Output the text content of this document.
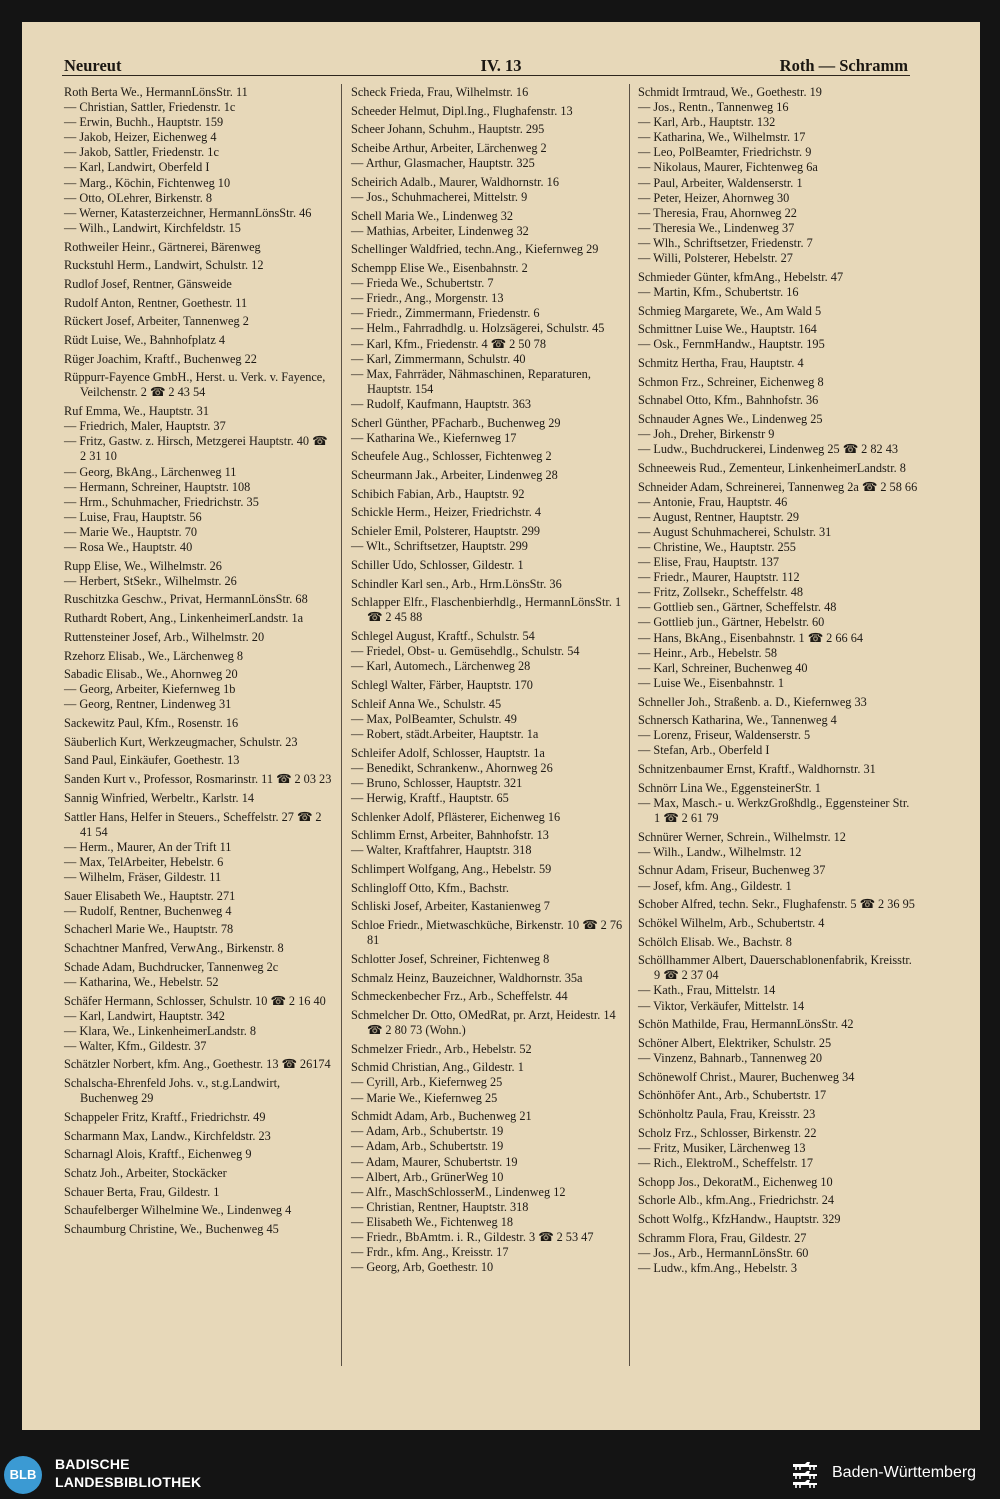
Neureut	IV. 13	Roth — Schramm

Roth Berta We., HermannLönsStr. 11

— Christian, Sattler, Friedenstr. 1c

— Erwin, Buchh., Hauptstr. 159

— Jakob, Heizer, Eichenweg 4

— Jakob, Sattler, Friedenstr. 1c

— Karl, Landwirt, Oberfeld I

— Marg., Köchin, Fichtenweg 10

— Otto, OLehrer, Birkenstr. 8

— Werner, Katasterzeichner, HermannLönsStr. 46

— Wilh., Landwirt, Kirchfeldstr. 15

Rothweiler Heinr., Gärtnerei, Bärenweg

Ruckstuhl Herm., Landwirt, Schulstr. 12

Rudlof Josef, Rentner, Gänsweide

Rudolf Anton, Rentner, Goethestr. 11

Rückert Josef, Arbeiter, Tannenweg 2

Rüdt Luise, We., Bahnhofplatz 4

Rüger Joachim, Kraftf., Buchenweg 22

Rüppurr-Fayence GmbH., Herst. u. Verk. v. Fayence, Veilchenstr. 2 ☎ 2 43 54

Ruf Emma, We., Hauptstr. 31

— Friedrich, Maler, Hauptstr. 37

— Fritz, Gastw. z. Hirsch, Metzgerei Hauptstr. 40 ☎ 2 31 10

— Georg, BkAng., Lärchenweg 11

— Hermann, Schreiner, Hauptstr. 108

— Hrm., Schuhmacher, Friedrichstr. 35

— Luise, Frau, Hauptstr. 56

— Marie We., Hauptstr. 70

— Rosa We., Hauptstr. 40

Rupp Elise, We., Wilhelmstr. 26

— Herbert, StSekr., Wilhelmstr. 26

Ruschitzka Geschw., Privat, HermannLönsStr. 68

Ruthardt Robert, Ang., LinkenheimerLandstr. 1a

Ruttensteiner Josef, Arb., Wilhelmstr. 20

Rzehorz Elisab., We., Lärchenweg 8

Sabadic Elisab., We., Ahornweg 20

— Georg, Arbeiter, Kiefernweg 1b

— Georg, Rentner, Lindenweg 31

Sackewitz Paul, Kfm., Rosenstr. 16

Säuberlich Kurt, Werkzeugmacher, Schulstr. 23

Sand Paul, Einkäufer, Goethestr. 13

Sanden Kurt v., Professor, Rosmarinstr. 11 ☎ 2 03 23

Sannig Winfried, Werbeltr., Karlstr. 14

Sattler Hans, Helfer in Steuers., Scheffelstr. 27 ☎ 2 41 54

— Herm., Maurer, An der Trift 11

— Max, TelArbeiter, Hebelstr. 6

— Wilhelm, Fräser, Gildestr. 11

Sauer Elisabeth We., Hauptstr. 271

— Rudolf, Rentner, Buchenweg 4

Schacherl Marie We., Hauptstr. 78

Schachtner Manfred, VerwAng., Birkenstr. 8

Schade Adam, Buchdrucker, Tannenweg 2c

— Katharina, We., Hebelstr. 52

Schäfer Hermann, Schlosser, Schulstr. 10 ☎ 2 16 40

— Karl, Landwirt, Hauptstr. 342

— Klara, We., LinkenheimerLandstr. 8

— Walter, Kfm., Gildestr. 37

Schätzler Norbert, kfm. Ang., Goethestr. 13 ☎ 26174

Schalscha-Ehrenfeld Johs. v., st.g.Landwirt, Buchenweg 29

Schappeler Fritz, Kraftf., Friedrichstr. 49

Scharmann Max, Landw., Kirchfeldstr. 23

Scharnagl Alois, Kraftf., Eichenweg 9

Schatz Joh., Arbeiter, Stockäcker

Schauer Berta, Frau, Gildestr. 1

Schaufelberger Wilhelmine We., Lindenweg 4

Schaumburg Christine, We., Buchenweg 45

Scheck Frieda, Frau, Wilhelmstr. 16

Scheeder Helmut, Dipl.Ing., Flughafenstr. 13

Scheer Johann, Schuhm., Hauptstr. 295

Scheibe Arthur, Arbeiter, Lärchenweg 2

— Arthur, Glasmacher, Hauptstr. 325

Scheirich Adalb., Maurer, Waldhornstr. 16

— Jos., Schuhmacherei, Mittelstr. 9

Schell Maria We., Lindenweg 32

— Mathias, Arbeiter, Lindenweg 32

Schellinger Waldfried, techn.Ang., Kiefernweg 29

Schempp Elise We., Eisenbahnstr. 2

— Frieda We., Schubertstr. 7

— Friedr., Ang., Morgenstr. 13

— Friedr., Zimmermann, Friedenstr. 6

— Helm., Fahrradhdlg. u. Holzsägerei, Schulstr. 45

— Karl, Kfm., Friedenstr. 4 ☎ 2 50 78

— Karl, Zimmermann, Schulstr. 40

— Max, Fahrräder, Nähmaschinen, Reparaturen, Hauptstr. 154

— Rudolf, Kaufmann, Hauptstr. 363

Scherl Günther, PFacharb., Buchenweg 29

— Katharina We., Kiefernweg 17

Scheufele Aug., Schlosser, Fichtenweg 2

Scheurmann Jak., Arbeiter, Lindenweg 28

Schibich Fabian, Arb., Hauptstr. 92

Schickle Herm., Heizer, Friedrichstr. 4

Schieler Emil, Polsterer, Hauptstr. 299

— Wlt., Schriftsetzer, Hauptstr. 299

Schiller Udo, Schlosser, Gildestr. 1

Schindler Karl sen., Arb., Hrm.LönsStr. 36

Schlapper Elfr., Flaschenbierhdlg., HermannLönsStr. 1 ☎ 2 45 88

Schlegel August, Kraftf., Schulstr. 54

— Friedel, Obst- u. Gemüsehdlg., Schulstr. 54

— Karl, Automech., Lärchenweg 28

Schlegl Walter, Färber, Hauptstr. 170

Schleif Anna We., Schulstr. 45

— Max, PolBeamter, Schulstr. 49

— Robert, städt.Arbeiter, Hauptstr. 1a

Schleifer Adolf, Schlosser, Hauptstr. 1a

— Benedikt, Schrankenw., Ahornweg 26

— Bruno, Schlosser, Hauptstr. 321

— Herwig, Kraftf., Hauptstr. 65

Schlenker Adolf, Pflästerer, Eichenweg 16

Schlimm Ernst, Arbeiter, Bahnhofstr. 13

— Walter, Kraftfahrer, Hauptstr. 318

Schlimpert Wolfgang, Ang., Hebelstr. 59

Schlingloff Otto, Kfm., Bachstr.

Schliski Josef, Arbeiter, Kastanienweg 7

Schloe Friedr., Mietwaschküche, Birkenstr. 10 ☎ 2 76 81

Schlotter Josef, Schreiner, Fichtenweg 8

Schmalz Heinz, Bauzeichner, Waldhornstr. 35a

Schmeckenbecher Frz., Arb., Scheffelstr. 44

Schmelcher Dr. Otto, OMedRat, pr. Arzt, Heidestr. 14 ☎ 2 80 73 (Wohn.)

Schmelzer Friedr., Arb., Hebelstr. 52

Schmid Christian, Ang., Gildestr. 1

— Cyrill, Arb., Kiefernweg 25

— Marie We., Kiefernweg 25

Schmidt Adam, Arb., Buchenweg 21

— Adam, Arb., Schubertstr. 19

— Adam, Arb., Schubertstr. 19

— Adam, Maurer, Schubertstr. 19

— Albert, Arb., GrünerWeg 10

— Alfr., MaschSchlosserM., Lindenweg 12

— Christian, Rentner, Hauptstr. 318

— Elisabeth We., Fichtenweg 18

— Friedr., BbAmtm. i. R., Gildestr. 3 ☎ 2 53 47

— Frdr., kfm. Ang., Kreisstr. 17

— Georg, Arb, Goethestr. 10

Schmidt Irmtraud, We., Goethestr. 19

— Jos., Rentn., Tannenweg 16

— Karl, Arb., Hauptstr. 132

— Katharina, We., Wilhelmstr. 17

— Leo, PolBeamter, Friedrichstr. 9

— Nikolaus, Maurer, Fichtenweg 6a

— Paul, Arbeiter, Waldenserstr. 1

— Peter, Heizer, Ahornweg 30

— Theresia, Frau, Ahornweg 22

— Theresia We., Lindenweg 37

— Wlh., Schriftsetzer, Friedenstr. 7

— Willi, Polsterer, Hebelstr. 27

Schmieder Günter, kfmAng., Hebelstr. 47

— Martin, Kfm., Schubertstr. 16

Schmieg Margarete, We., Am Wald 5

Schmittner Luise We., Hauptstr. 164

— Osk., FernmHandw., Hauptstr. 195

Schmitz Hertha, Frau, Hauptstr. 4

Schmon Frz., Schreiner, Eichenweg 8

Schnabel Otto, Kfm., Bahnhofstr. 36

Schnauder Agnes We., Lindenweg 25

— Joh., Dreher, Birkenstr 9

— Ludw., Buchdruckerei, Lindenweg 25 ☎ 2 82 43

Schneeweis Rud., Zementeur, LinkenheimerLandstr. 8

Schneider Adam, Schreinerei, Tannenweg 2a ☎ 2 58 66

— Antonie, Frau, Hauptstr. 46

— August, Rentner, Hauptstr. 29

— August Schuhmacherei, Schulstr. 31

— Christine, We., Hauptstr. 255

— Elise, Frau, Hauptstr. 137

— Friedr., Maurer, Hauptstr. 112

— Fritz, Zollsekr., Scheffelstr. 48

— Gottlieb sen., Gärtner, Scheffelstr. 48

— Gottlieb jun., Gärtner, Hebelstr. 60

— Hans, BkAng., Eisenbahnstr. 1 ☎ 2 66 64

— Heinr., Arb., Hebelstr. 58

— Karl, Schreiner, Buchenweg 40

— Luise We., Eisenbahnstr. 1

Schneller Joh., Straßenb. a. D., Kiefernweg 33

Schnersch Katharina, We., Tannenweg 4

— Lorenz, Friseur, Waldenserstr. 5

— Stefan, Arb., Oberfeld I

Schnitzenbaumer Ernst, Kraftf., Waldhornstr. 31

Schnörr Lina We., EggensteinerStr. 1

— Max, Masch.- u. WerkzGroßhdlg., Eggensteiner Str. 1 ☎ 2 61 79

Schnürer Werner, Schrein., Wilhelmstr. 12

— Wilh., Landw., Wilhelmstr. 12

Schnur Adam, Friseur, Buchenweg 37

— Josef, kfm. Ang., Gildestr. 1

Schober Alfred, techn. Sekr., Flughafenstr. 5 ☎ 2 36 95

Schökel Wilhelm, Arb., Schubertstr. 4

Schölch Elisab. We., Bachstr. 8

Schöllhammer Albert, Dauerschablonenfabrik, Kreisstr. 9 ☎ 2 37 04

— Kath., Frau, Mittelstr. 14

— Viktor, Verkäufer, Mittelstr. 14

Schön Mathilde, Frau, HermannLönsStr. 42

Schöner Albert, Elektriker, Schulstr. 25

— Vinzenz, Bahnarb., Tannenweg 20

Schönewolf Christ., Maurer, Buchenweg 34

Schönhöfer Ant., Arb., Schubertstr. 17

Schönholtz Paula, Frau, Kreisstr. 23

Scholz Frz., Schlosser, Birkenstr. 22

— Fritz, Musiker, Lärchenweg 13

— Rich., ElektroM., Scheffelstr. 17

Schopp Jos., DekoratM., Eichenweg 10

Schorle Alb., kfm.Ang., Friedrichstr. 24

Schott Wolfg., KfzHandw., Hauptstr. 329

Schramm Flora, Frau, Gildestr. 27

— Jos., Arb., HermannLönsStr. 60

— Ludw., kfm.Ang., Hebelstr. 3

BLB
BADISCHE
LANDESBIBLIOTHEK
Baden-Württemberg
